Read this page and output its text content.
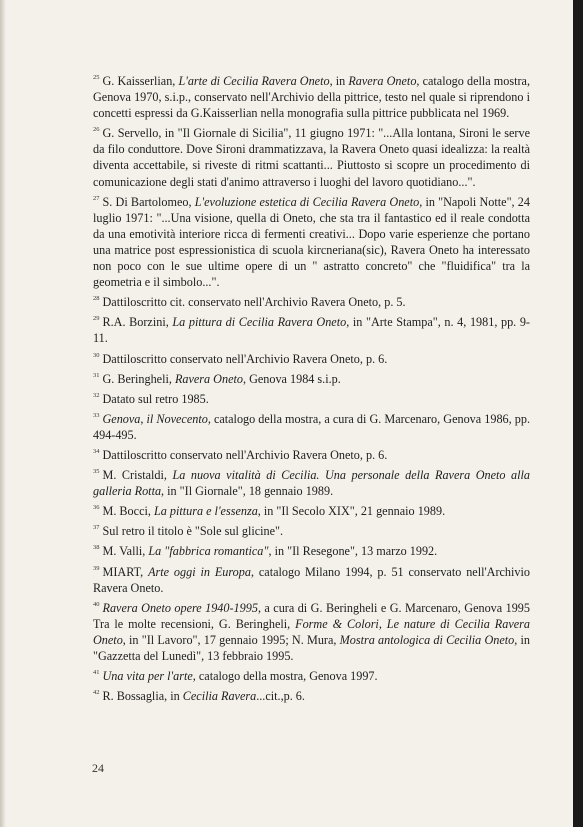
$^{25}$ G. Kaisserlian, L'arte di Cecilia Ravera Oneto, in Ravera Oneto, catalogo della mostra, Genova 1970, s.i.p., conservato nell'Archivio della pittrice, testo nel quale si riprendono i concetti espressi da G.Kaisserlian nella monografia sulla pittrice pubblicata nel 1969.

$^{26}$ G. Servello, in "Il Giornale di Sicilia", 11 giugno 1971: "...Alla lontana, Sironi le serve da filo conduttore. Dove Sironi drammatizzava, la Ravera Oneto quasi idealizza: la realtà diventa accettabile, si riveste di ritmi scattanti... Piuttosto si scopre un procedimento di comunicazione degli stati d'animo attraverso i luoghi del lavoro quotidiano...".

$^{27}$ S. Di Bartolomeo, L'evoluzione estetica di Cecilia Ravera Oneto, in "Napoli Notte", 24 luglio 1971: "...Una visione, quella di Oneto, che sta tra il fantastico ed il reale condotta da una emotività interiore ricca di fermenti creativi... Dopo varie esperienze che portano una matrice post espressionistica di scuola kircneriana(sic), Ravera Oneto ha interessato non poco con le sue ultime opere di un " astratto concreto" che "fluidifica" tra la geometria e il simbolo...".

$^{28}$ Dattiloscritto cit. conservato nell'Archivio Ravera Oneto, p. 5.

$^{29}$ R.A. Borzini, La pittura di Cecilia Ravera Oneto, in "Arte Stampa", n. 4, 1981, pp. 9-11.

$^{30}$ Dattiloscritto conservato nell'Archivio Ravera Oneto, p. 6.

$^{31}$ G. Beringheli, Ravera Oneto, Genova 1984 s.i.p.

$^{32}$ Datato sul retro 1985.

$^{33}$ Genova, il Novecento, catalogo della mostra, a cura di G. Marcenaro, Genova 1986, pp. 494-495.

$^{34}$ Dattiloscritto conservato nell'Archivio Ravera Oneto, p. 6.

$^{35}$ M. Cristaldi, La nuova vitalità di Cecilia. Una personale della Ravera Oneto alla galleria Rotta, in "Il Giornale", 18 gennaio 1989.

$^{36}$ M. Bocci, La pittura e l'essenza, in "Il Secolo XIX", 21 gennaio 1989.

$^{37}$ Sul retro il titolo è "Sole sul glicine".

$^{38}$ M. Valli, La "fabbrica romantica", in "Il Resegone", 13 marzo 1992.

$^{39}$ MIART, Arte oggi in Europa, catalogo Milano 1994, p. 51 conservato nell'Archivio Ravera Oneto.

$^{40}$ Ravera Oneto opere 1940-1995, a cura di G. Beringheli e G. Marcenaro, Genova 1995 Tra le molte recensioni, G. Beringheli, Forme & Colori, Le nature di Cecilia Ravera Oneto, in "Il Lavoro", 17 gennaio 1995; N. Mura, Mostra antologica di Cecilia Oneto, in "Gazzetta del Lunedì", 13 febbraio 1995.

$^{41}$ Una vita per l'arte, catalogo della mostra, Genova 1997.

$^{42}$ R. Bossaglia, in Cecilia Ravera...cit.,p. 6.

24
